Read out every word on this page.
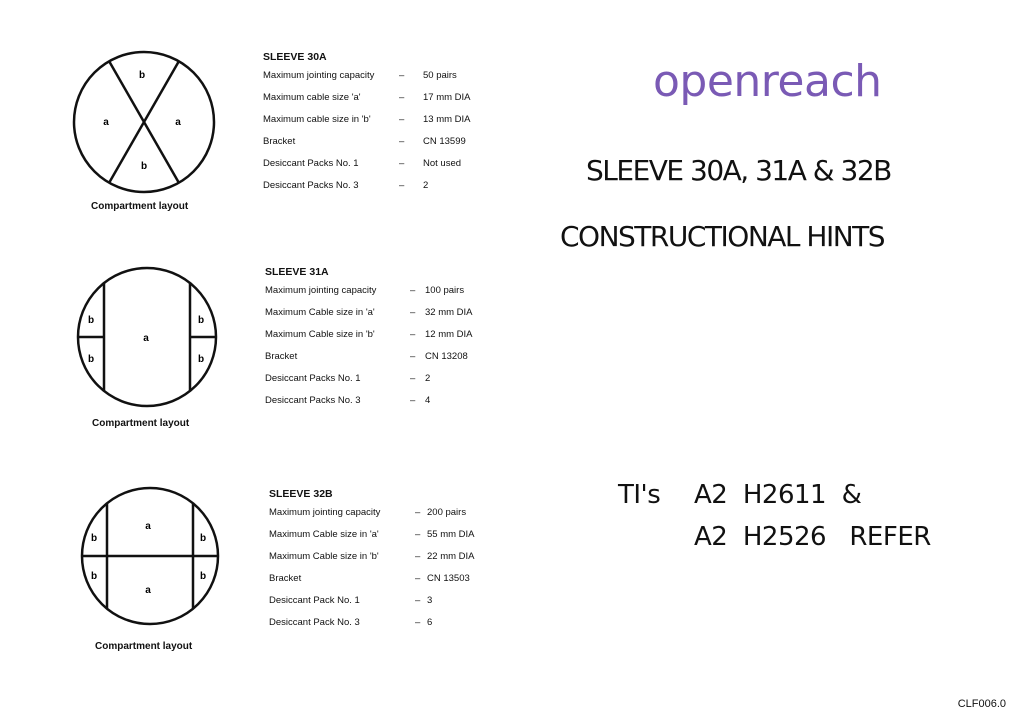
b
a	a
b
Compartment layout
b
b
a
b
b
Compartment layout
a
b	b
b
a
b
Compartment layout
SLEEVE 30A
Maximum jointing capacity	– 50 pairs
Maximum cable size 'a'	– 17 mm DIA
Maximum cable size in 'b'	– 13 mm DIA
Bracket	– CN 13599
Desiccant Packs No. 1	– Not used
Desiccant Packs No. 3	– 2
SLEEVE 31A
Maximum jointing capacity	– 100 pairs
Maximum Cable size in 'a'	– 32 mm DIA
Maximum Cable size in 'b'	– 12 mm DIA
Bracket	– CN 13208
Desiccant Packs No. 1	– 2
Desiccant Packs No. 3	– 4
SLEEVE 32B
Maximum jointing capacity	– 200 pairs
Maximum Cable size in 'a'	– 55 mm DIA
Maximum Cable size in 'b'	– 22 mm DIA
Bracket	– CN 13503
Desiccant Pack No. 1	– 3
Desiccant Pack No. 3	– 6
openreach
SLEEVE 30A, 31A & 32B
CONSTRUCTIONAL HINTS
TI's A2  H2611  &
A2  H2526   REFER
CLF006.0
